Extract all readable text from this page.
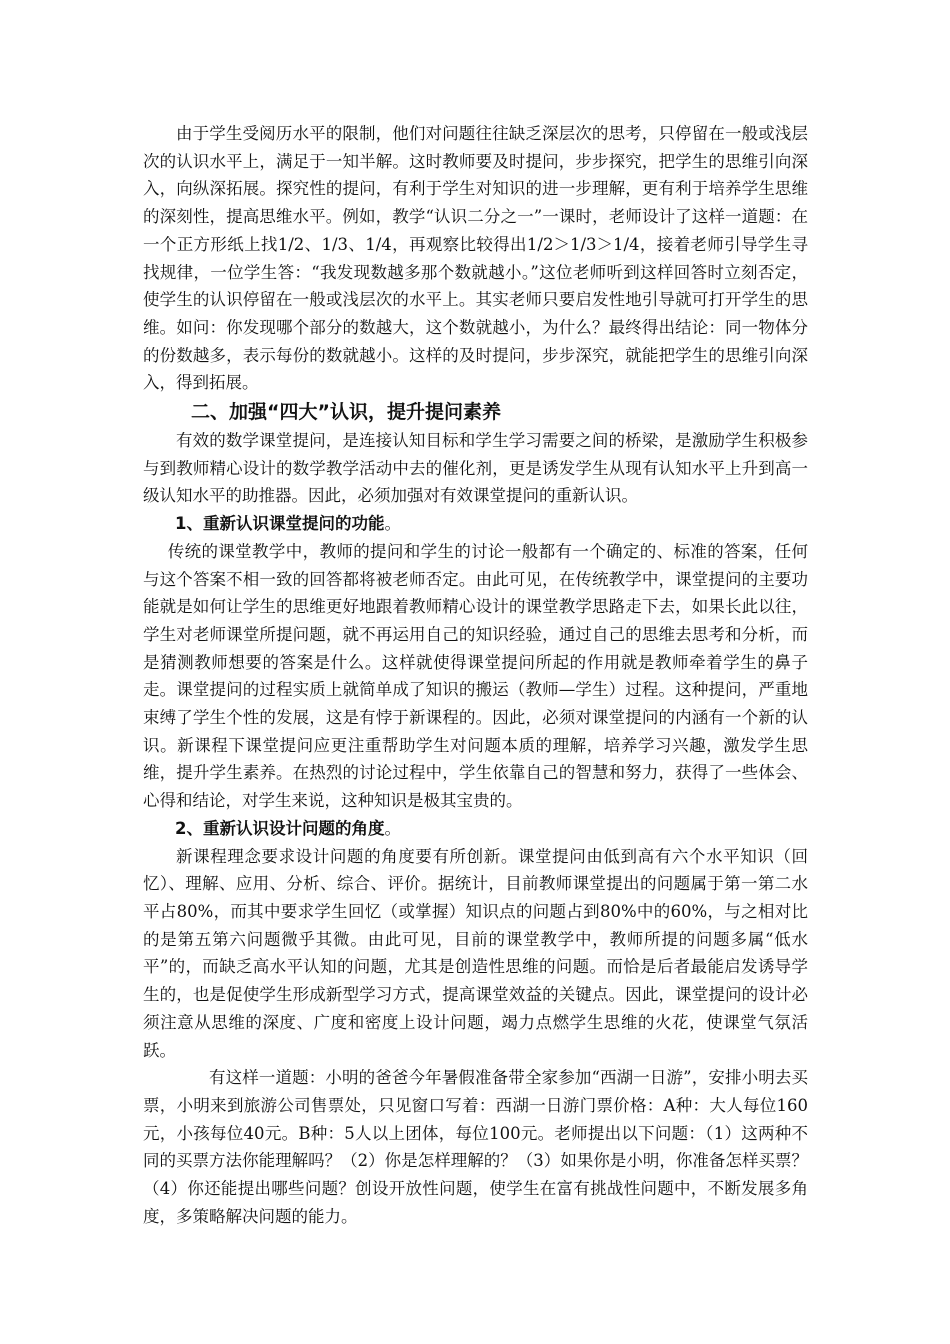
由于学生受阅历水平的限制，他们对问题往往缺乏深层次的思考，只停留在一般或浅层次的认识水平上，满足于一知半解。这时教师要及时提问，步步探究，把学生的思维引向深入，向纵深拓展。探究性的提问，有利于学生对知识的进一步理解，更有利于培养学生思维的深刻性，提高思维水平。例如，教学“认识二分之一”一课时，老师设计了这样一道题：在一个正方形纸上找1/2、1/3、1/4，再观察比较得出1/2＞1/3＞1/4，接着老师引导学生寻找规律，一位学生答：“我发现数越多那个数就越小。”这位老师听到这样回答时立刻否定，使学生的认识停留在一般或浅层次的水平上。其实老师只要启发性地引导就可打开学生的思维。如问：你发现哪个部分的数越大，这个数就越小，为什么？最终得出结论：同一物体分的份数越多，表示每份的数就越小。这样的及时提问，步步深究，就能把学生的思维引向深入，得到拓展。

二、加强“四大”认识，提升提问素养

有效的数学课堂提问，是连接认知目标和学生学习需要之间的桥梁，是激励学生积极参与到教师精心设计的数学教学活动中去的催化剂，更是诱发学生从现有认知水平上升到高一级认知水平的助推器。因此，必须加强对有效课堂提问的重新认识。

1、重新认识课堂提问的功能。

传统的课堂教学中，教师的提问和学生的讨论一般都有一个确定的、标准的答案，任何与这个答案不相一致的回答都将被老师否定。由此可见，在传统教学中，课堂提问的主要功能就是如何让学生的思维更好地跟着教师精心设计的课堂教学思路走下去，如果长此以往，学生对老师课堂所提问题，就不再运用自己的知识经验，通过自己的思维去思考和分析，而是猜测教师想要的答案是什么。这样就使得课堂提问所起的作用就是教师牵着学生的鼻子走。课堂提问的过程实质上就简单成了知识的搬运（教师—学生）过程。这种提问，严重地束缚了学生个性的发展，这是有悖于新课程的。因此，必须对课堂提问的内涵有一个新的认识。新课程下课堂提问应更注重帮助学生对问题本质的理解，培养学习兴趣，激发学生思维，提升学生素养。在热烈的讨论过程中，学生依靠自己的智慧和努力，获得了一些体会、心得和结论，对学生来说，这种知识是极其宝贵的。

2、重新认识设计问题的角度。

新课程理念要求设计问题的角度要有所创新。课堂提问由低到高有六个水平知识（回忆）、理解、应用、分析、综合、评价。据统计，目前教师课堂提出的问题属于第一第二水平占80%，而其中要求学生回忆（或掌握）知识点的问题占到80%中的60%，与之相对比的是第五第六问题微乎其微。由此可见，目前的课堂教学中，教师所提的问题多属“低水平”的，而缺乏高水平认知的问题，尤其是创造性思维的问题。而恰是后者最能启发诱导学生的，也是促使学生形成新型学习方式，提高课堂效益的关键点。因此，课堂提问的设计必须注意从思维的深度、广度和密度上设计问题，竭力点燃学生思维的火花，使课堂气氛活跃。

有这样一道题：小明的爸爸今年暑假准备带全家参加“西湖一日游”，安排小明去买票，小明来到旅游公司售票处，只见窗口写着：西湖一日游门票价格：A种：大人每位160元，小孩每位40元。B种：5人以上团体，每位100元。老师提出以下问题：（1）这两种不同的买票方法你能理解吗？（2）你是怎样理解的？（3）如果你是小明，你准备怎样买票？（4）你还能提出哪些问题？创设开放性问题，使学生在富有挑战性问题中，不断发展多角度，多策略解决问题的能力。
